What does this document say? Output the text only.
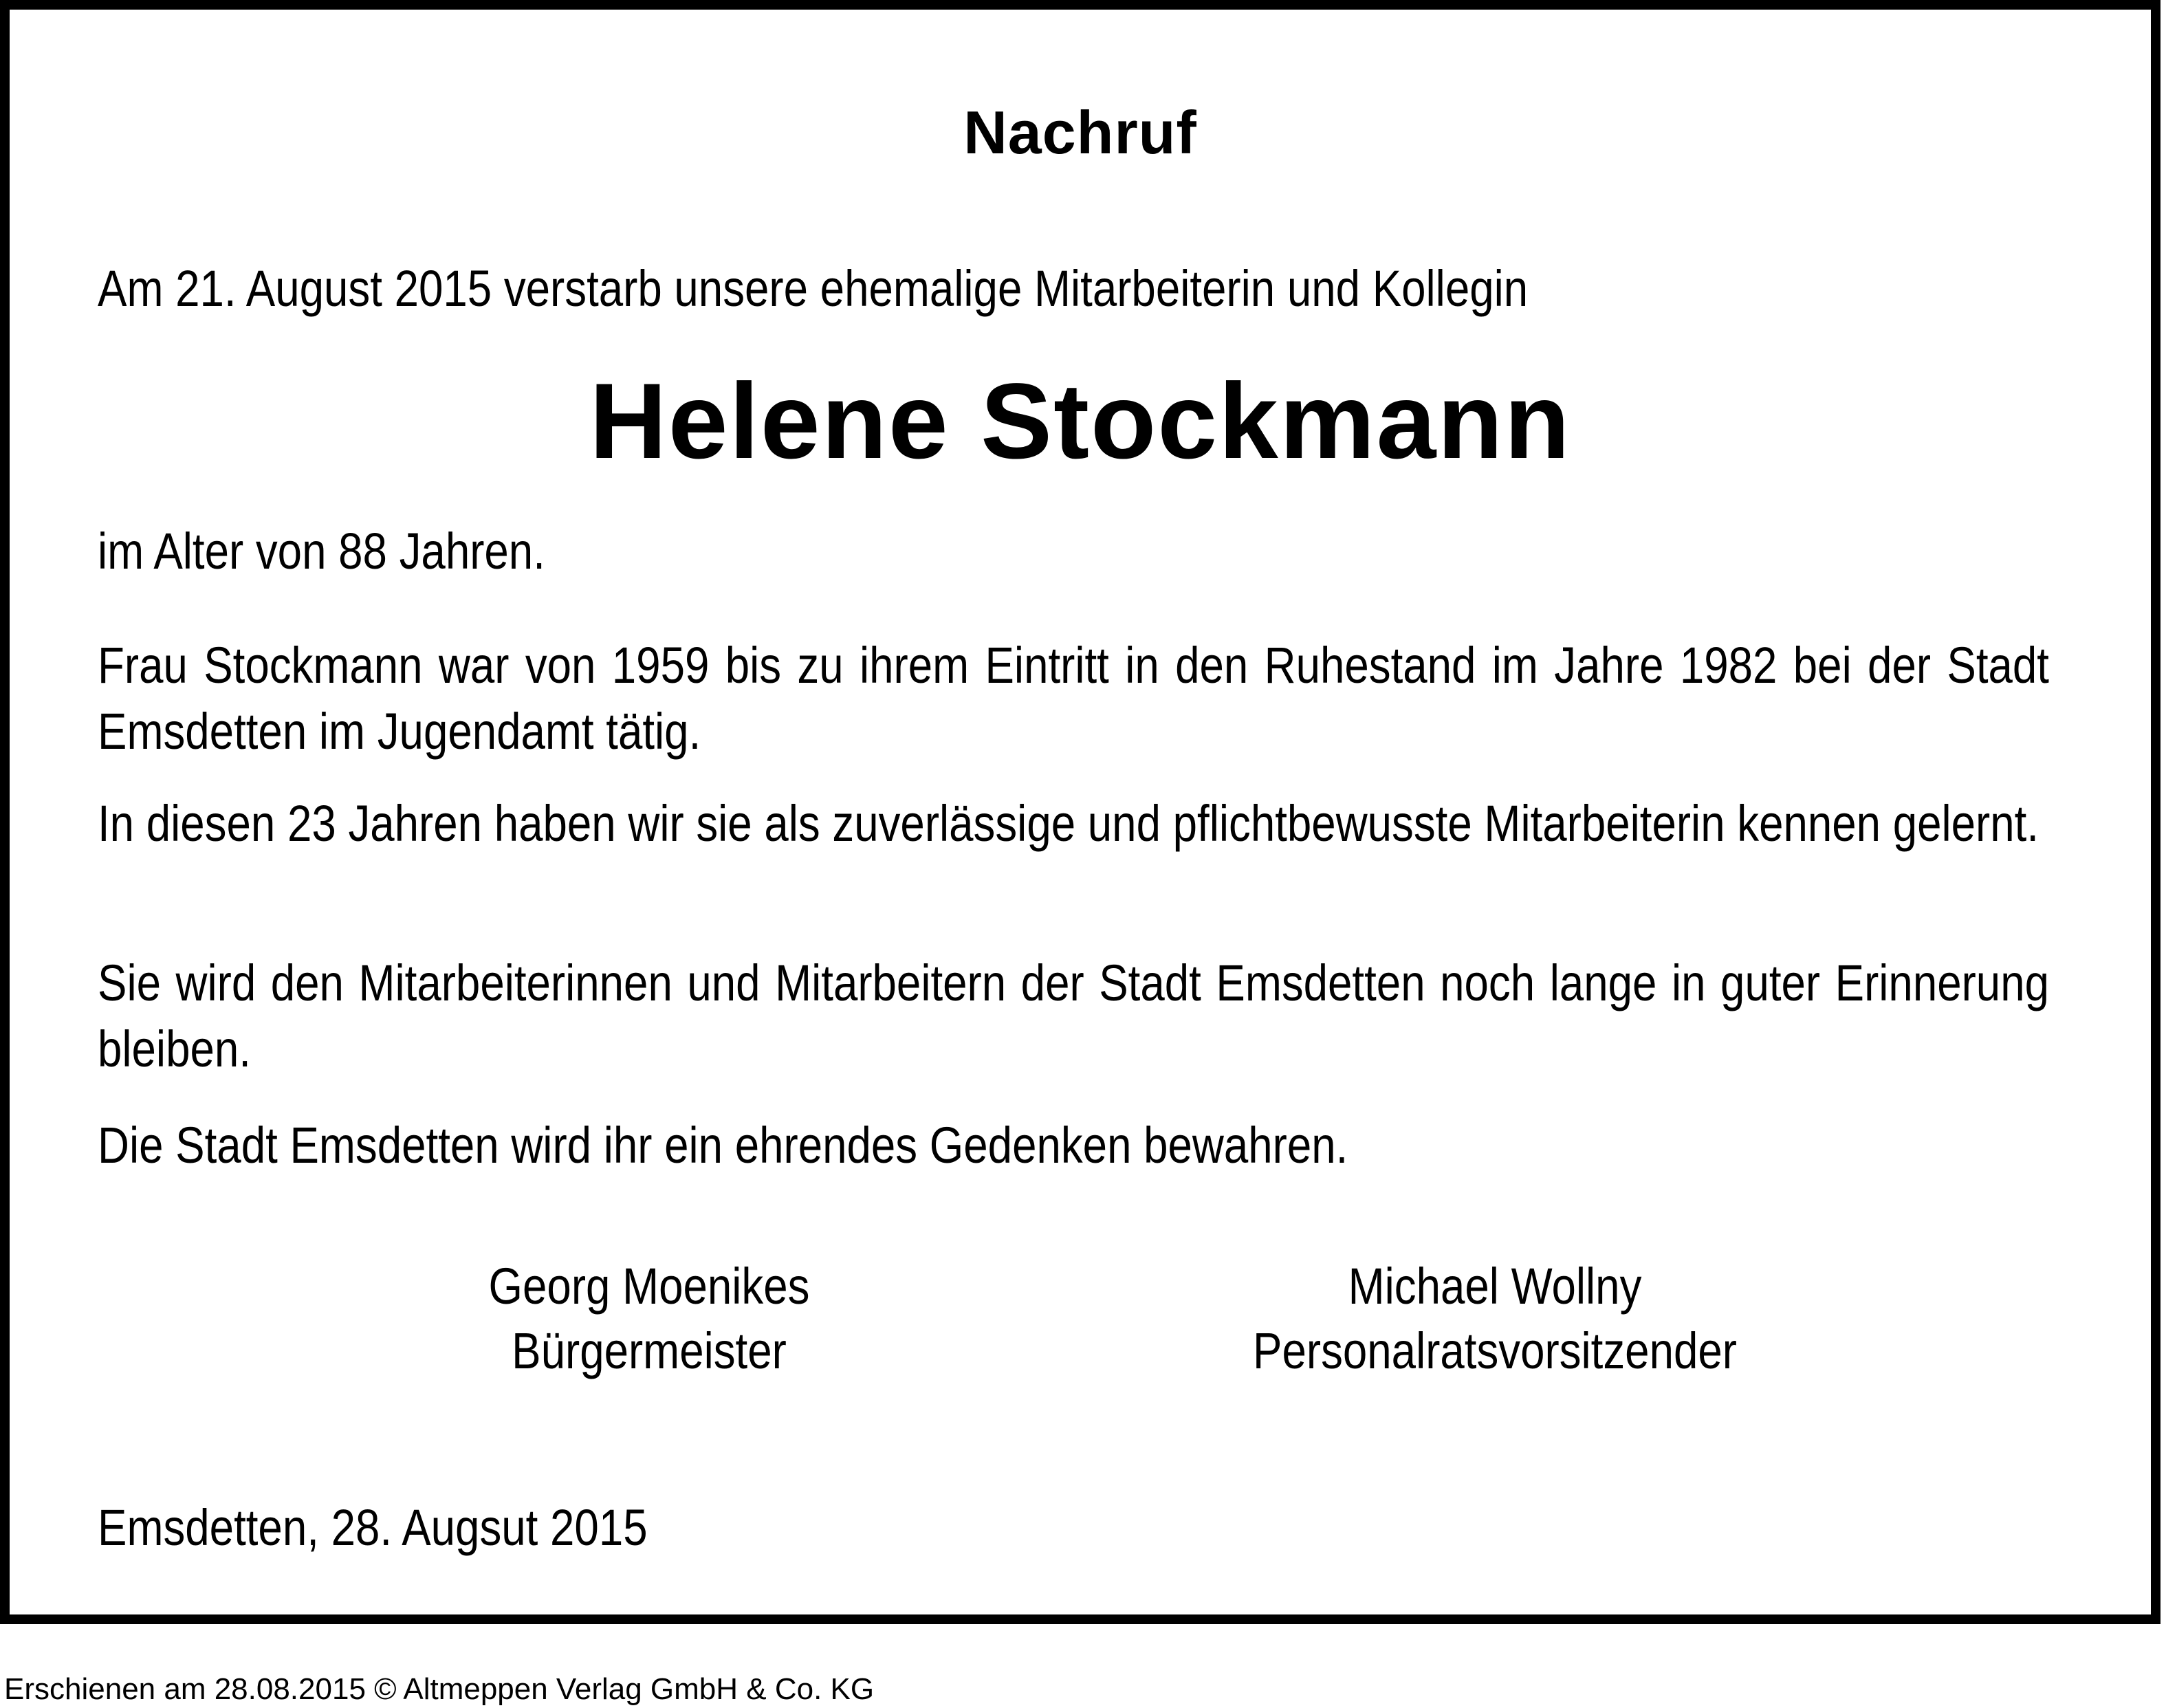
Nachruf

Am 21. August 2015 verstarb unsere ehemalige Mitarbeiterin und Kollegin

Helene Stockmann

im Alter von 88 Jahren.

Frau Stockmann war von 1959 bis zu ihrem Eintritt in den Ruhestand im Jahre 1982 bei der Stadt Emsdetten im Jugendamt tätig.

In diesen 23 Jahren haben wir sie als zuverlässige und pflichtbewusste Mitarbeiterin kennen gelernt.

Sie wird den Mitarbeiterinnen und Mitarbeitern der Stadt Emsdetten noch lange in guter Erinnerung bleiben.

Die Stadt Emsdetten wird ihr ein ehrendes Gedenken bewahren.

Georg Moenikes
Bürgermeister
Michael Wollny
Personalratsvorsitzender

Emsdetten, 28. Augsut 2015

Erschienen am 28.08.2015 © Altmeppen Verlag GmbH & Co. KG
